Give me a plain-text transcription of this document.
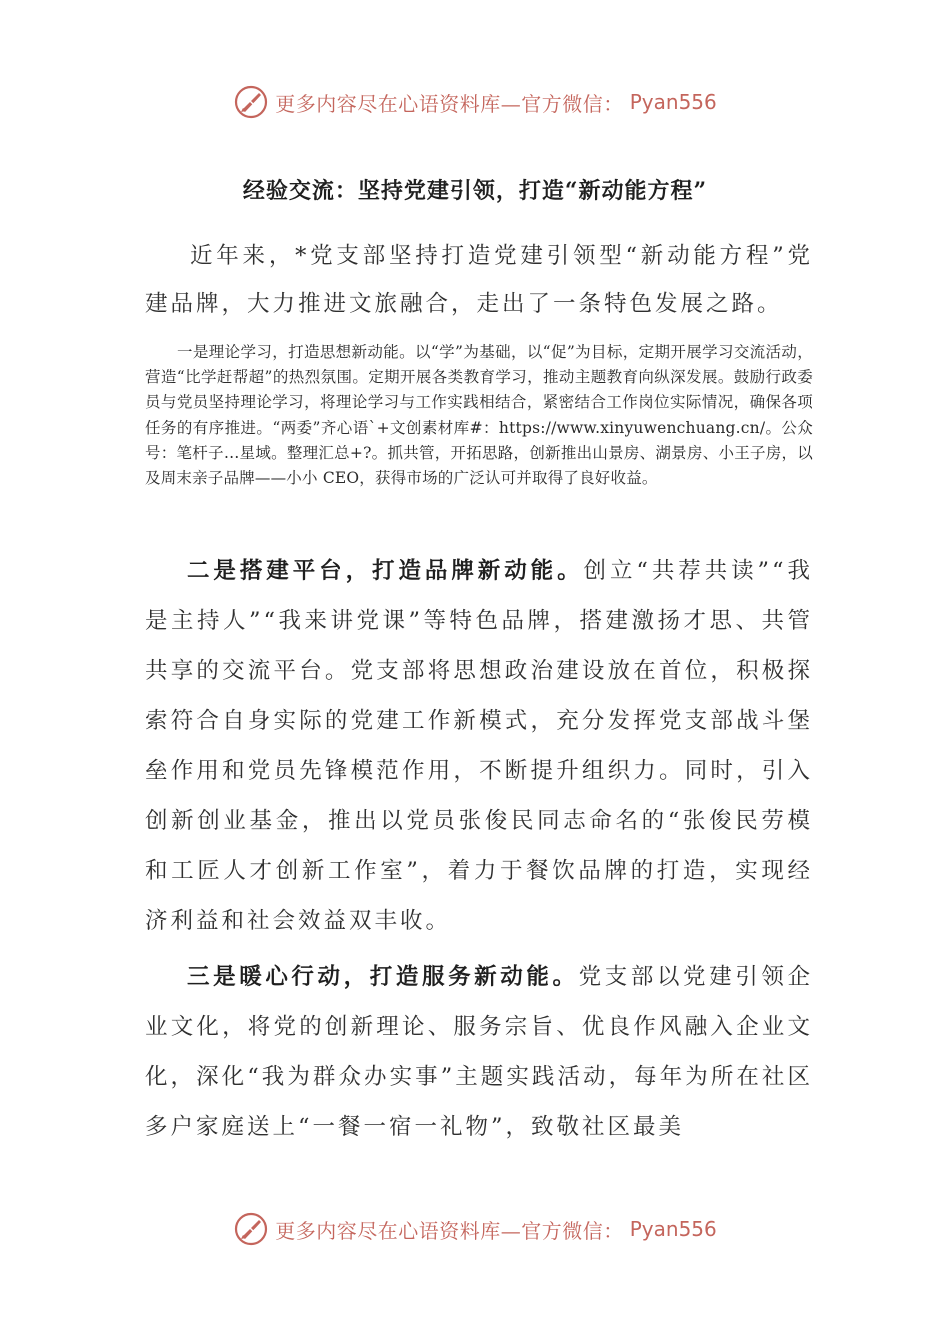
更多内容尽在心语资料库—官方微信： Pyan556
经验交流：坚持党建引领，打造“新动能方程”

近年来，*党支部坚持打造党建引领型“新动能方程”党建品牌，大力推进文旅融合，走出了一条特色发展之路。

一是理论学习，打造思想新动能。以“学”为基础，以“促”为目标，定期开展学习交流活动，营造“比学赶帮超”的热烈氛围。定期开展各类教育学习，推动主题教育向纵深发展。鼓励行政委员与党员坚持理论学习，将理论学习与工作实践相结合，紧密结合工作岗位实际情况，确保各项任务的有序推进。“两委”齐心语`+文创素材库#：https://www.xinyuwenchuang.cn/。公众号：笔杆子…星域。整理汇总+?。抓共管，开拓思路，创新推出山景房、湖景房、小王子房，以及周末亲子品牌——小小 CEO，获得市场的广泛认可并取得了良好收益。

二是搭建平台，打造品牌新动能。创立“共荐共读”“我是主持人”“我来讲党课”等特色品牌，搭建激扬才思、共管共享的交流平台。党支部将思想政治建设放在首位，积极探索符合自身实际的党建工作新模式，充分发挥党支部战斗堡垒作用和党员先锋模范作用，不断提升组织力。同时，引入创新创业基金，推出以党员张俊民同志命名的“张俊民劳模和工匠人才创新工作室”，着力于餐饮品牌的打造，实现经济利益和社会效益双丰收。

三是暖心行动，打造服务新动能。党支部以党建引领企业文化，将党的创新理论、服务宗旨、优良作风融入企业文化，深化“我为群众办实事”主题实践活动，每年为所在社区多户家庭送上“一餐一宿一礼物”，致敬社区最美

更多内容尽在心语资料库—官方微信： Pyan556
